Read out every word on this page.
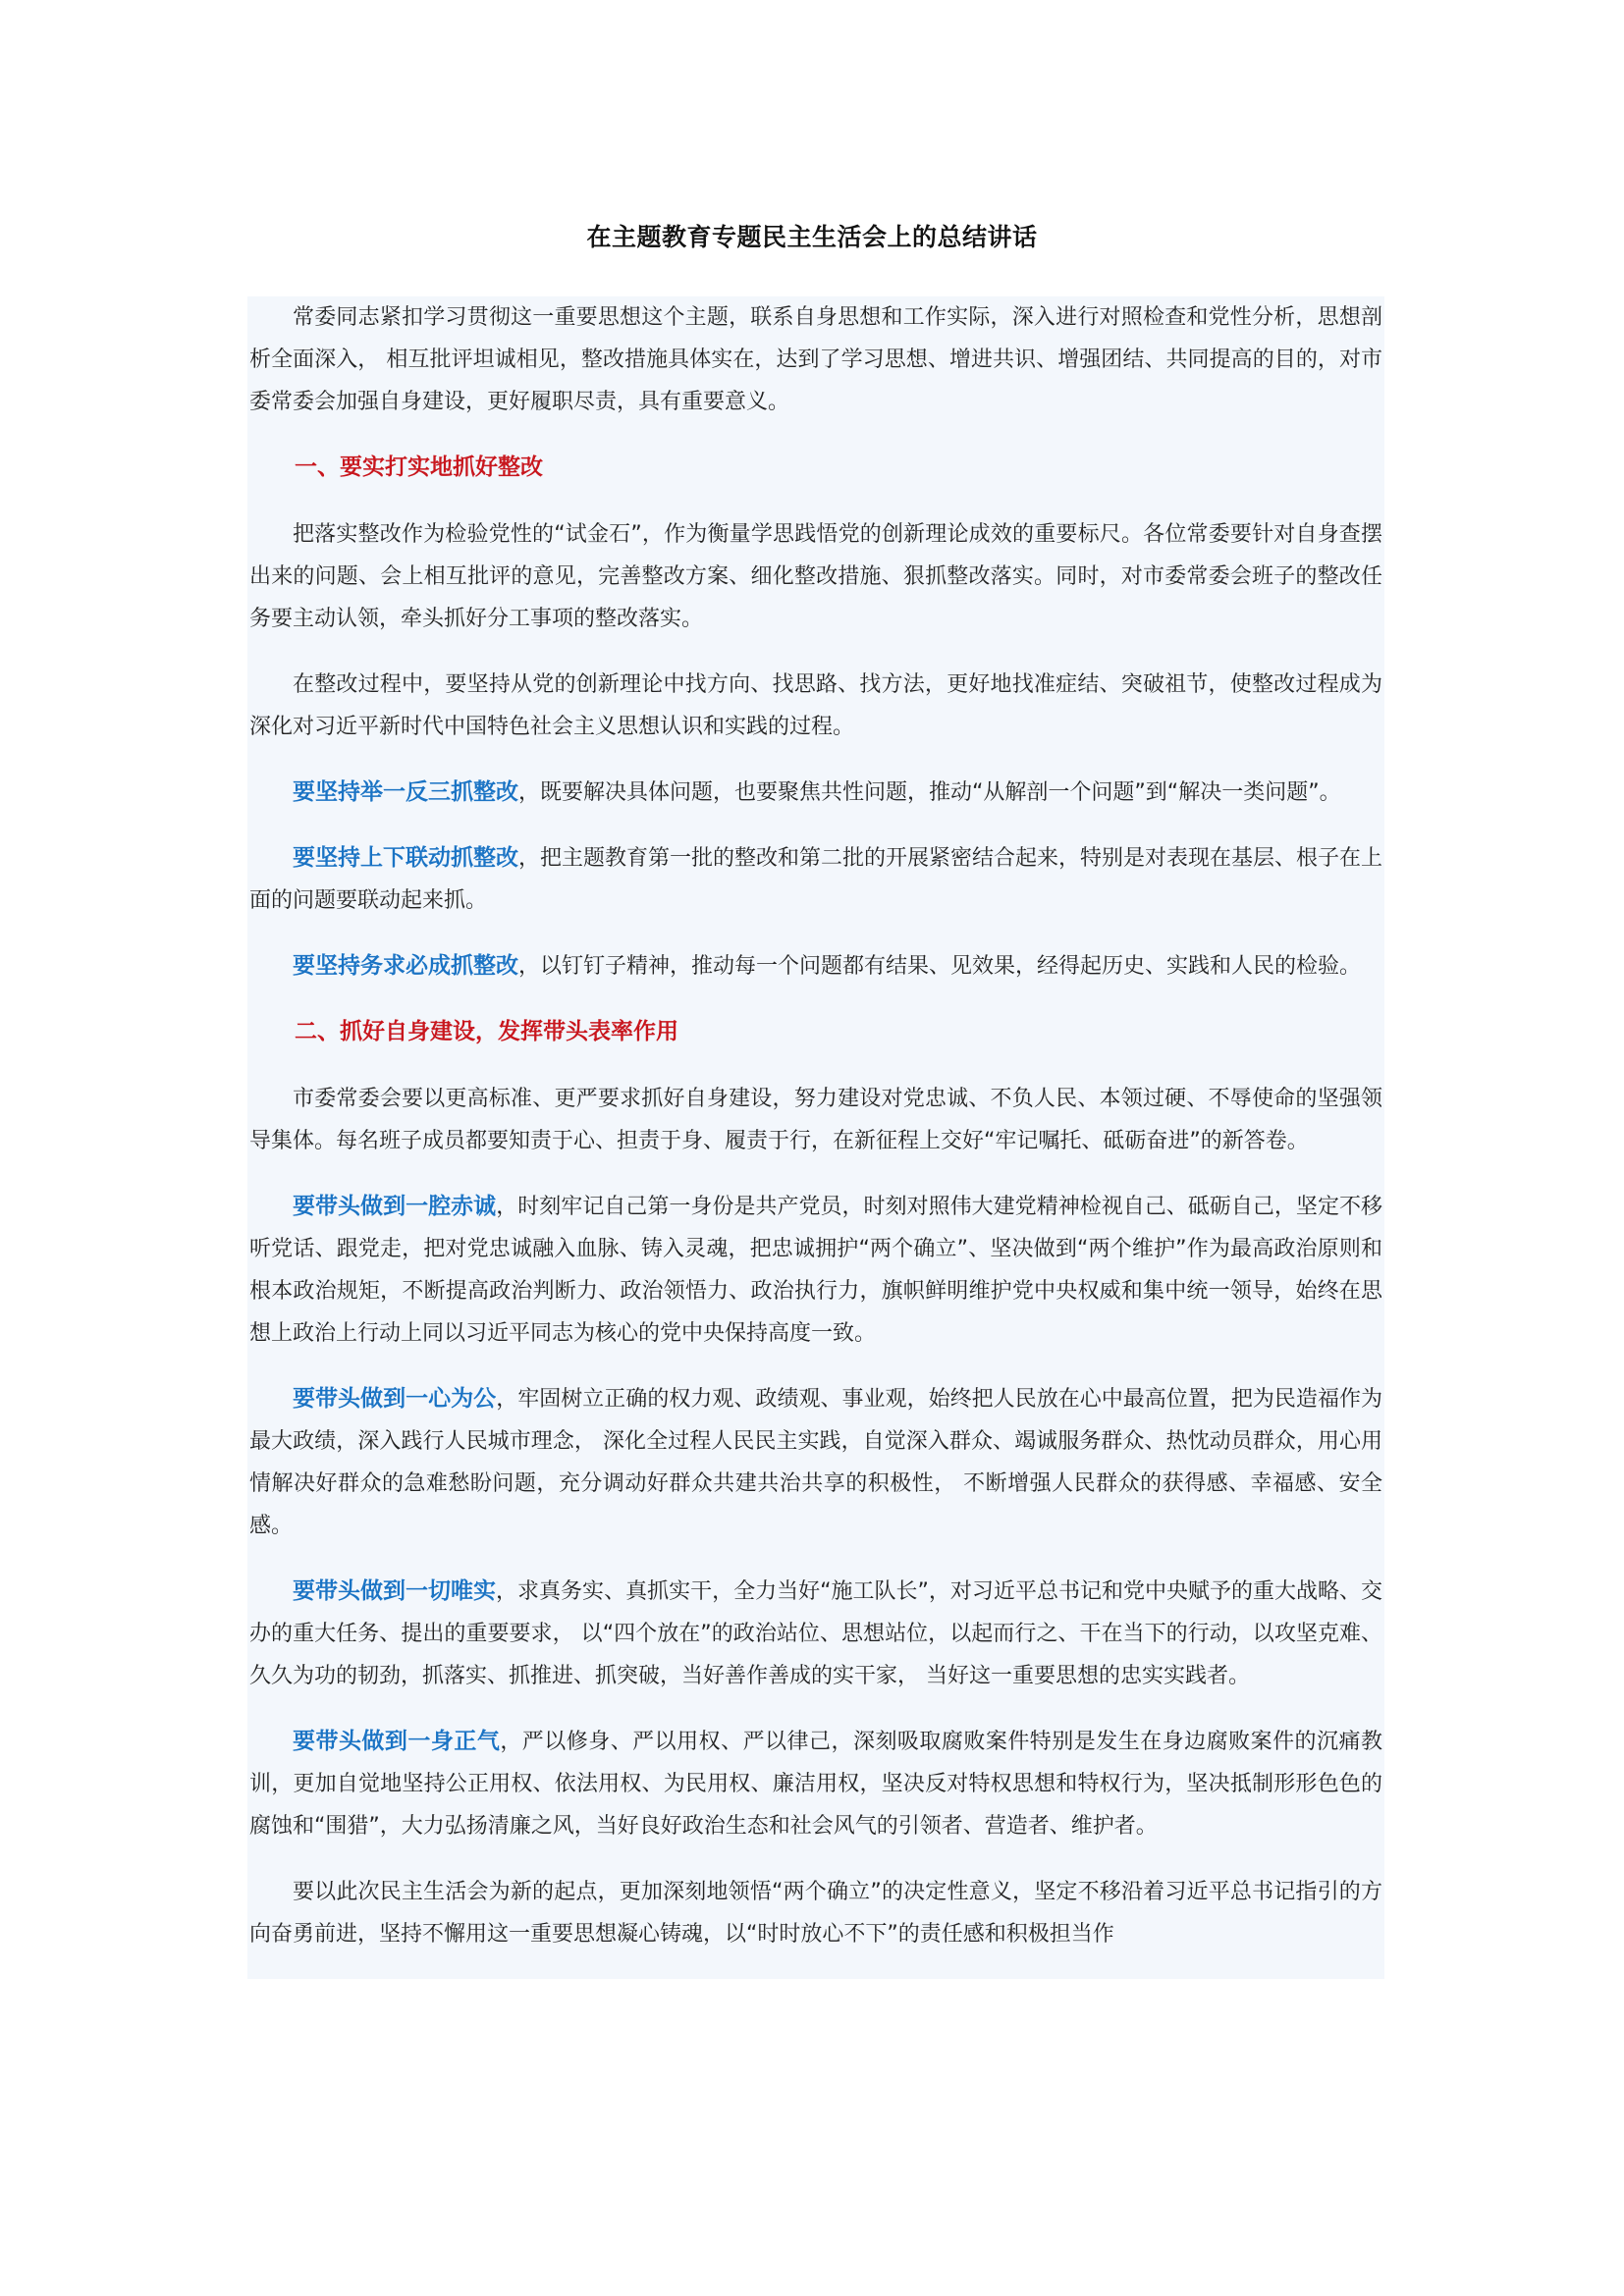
在主题教育专题民主生活会上的总结讲话

常委同志紧扣学习贯彻这一重要思想这个主题，联系自身思想和工作实际，深入进行对照检查和党性分析，思想剖析全面深入， 相互批评坦诚相见，整改措施具体实在，达到了学习思想、增进共识、增强团结、共同提高的目的，对市委常委会加强自身建设，更好履职尽责，具有重要意义。

一、要实打实地抓好整改

把落实整改作为检验党性的“试金石”，作为衡量学思践悟党的创新理论成效的重要标尺。各位常委要针对自身查摆出来的问题、会上相互批评的意见，完善整改方案、细化整改措施、狠抓整改落实。同时，对市委常委会班子的整改任务要主动认领，牵头抓好分工事项的整改落实。

在整改过程中，要坚持从党的创新理论中找方向、找思路、找方法，更好地找准症结、突破祖节，使整改过程成为深化对习近平新时代中国特色社会主义思想认识和实践的过程。

要坚持举一反三抓整改，既要解决具体问题，也要聚焦共性问题，推动“从解剖一个问题”到“解决一类问题”。

要坚持上下联动抓整改，把主题教育第一批的整改和第二批的开展紧密结合起来，特别是对表现在基层、根子在上面的问题要联动起来抓。

要坚持务求必成抓整改，以钉钉子精神，推动每一个问题都有结果、见效果，经得起历史、实践和人民的检验。

二、抓好自身建设，发挥带头表率作用

市委常委会要以更高标准、更严要求抓好自身建设，努力建设对党忠诚、不负人民、本领过硬、不辱使命的坚强领导集体。每名班子成员都要知责于心、担责于身、履责于行，在新征程上交好“牢记嘱托、砥砺奋进”的新答卷。

要带头做到一腔赤诚，时刻牢记自己第一身份是共产党员，时刻对照伟大建党精神检视自己、砥砺自己，坚定不移听党话、跟党走，把对党忠诚融入血脉、铸入灵魂，把忠诚拥护“两个确立”、坚决做到“两个维护”作为最高政治原则和根本政治规矩，不断提高政治判断力、政治领悟力、政治执行力，旗帜鲜明维护党中央权威和集中统一领导，始终在思想上政治上行动上同以习近平同志为核心的党中央保持高度一致。

要带头做到一心为公，牢固树立正确的权力观、政绩观、事业观，始终把人民放在心中最高位置，把为民造福作为最大政绩，深入践行人民城市理念， 深化全过程人民民主实践，自觉深入群众、竭诚服务群众、热忱动员群众，用心用情解决好群众的急难愁盼问题，充分调动好群众共建共治共享的积极性， 不断增强人民群众的获得感、幸福感、安全感。

要带头做到一切唯实，求真务实、真抓实干，全力当好“施工队长”，对习近平总书记和党中央赋予的重大战略、交办的重大任务、提出的重要要求， 以“四个放在”的政治站位、思想站位，以起而行之、干在当下的行动，以攻坚克难、久久为功的韧劲，抓落实、抓推进、抓突破，当好善作善成的实干家， 当好这一重要思想的忠实实践者。

要带头做到一身正气，严以修身、严以用权、严以律己，深刻吸取腐败案件特别是发生在身边腐败案件的沉痛教训，更加自觉地坚持公正用权、依法用权、为民用权、廉洁用权，坚决反对特权思想和特权行为，坚决抵制形形色色的腐蚀和“围猎”，大力弘扬清廉之风，当好良好政治生态和社会风气的引领者、营造者、维护者。

要以此次民主生活会为新的起点，更加深刻地领悟“两个确立”的决定性意义，坚定不移沿着习近平总书记指引的方向奋勇前进，坚持不懈用这一重要思想凝心铸魂，以“时时放心不下”的责任感和积极担当作
